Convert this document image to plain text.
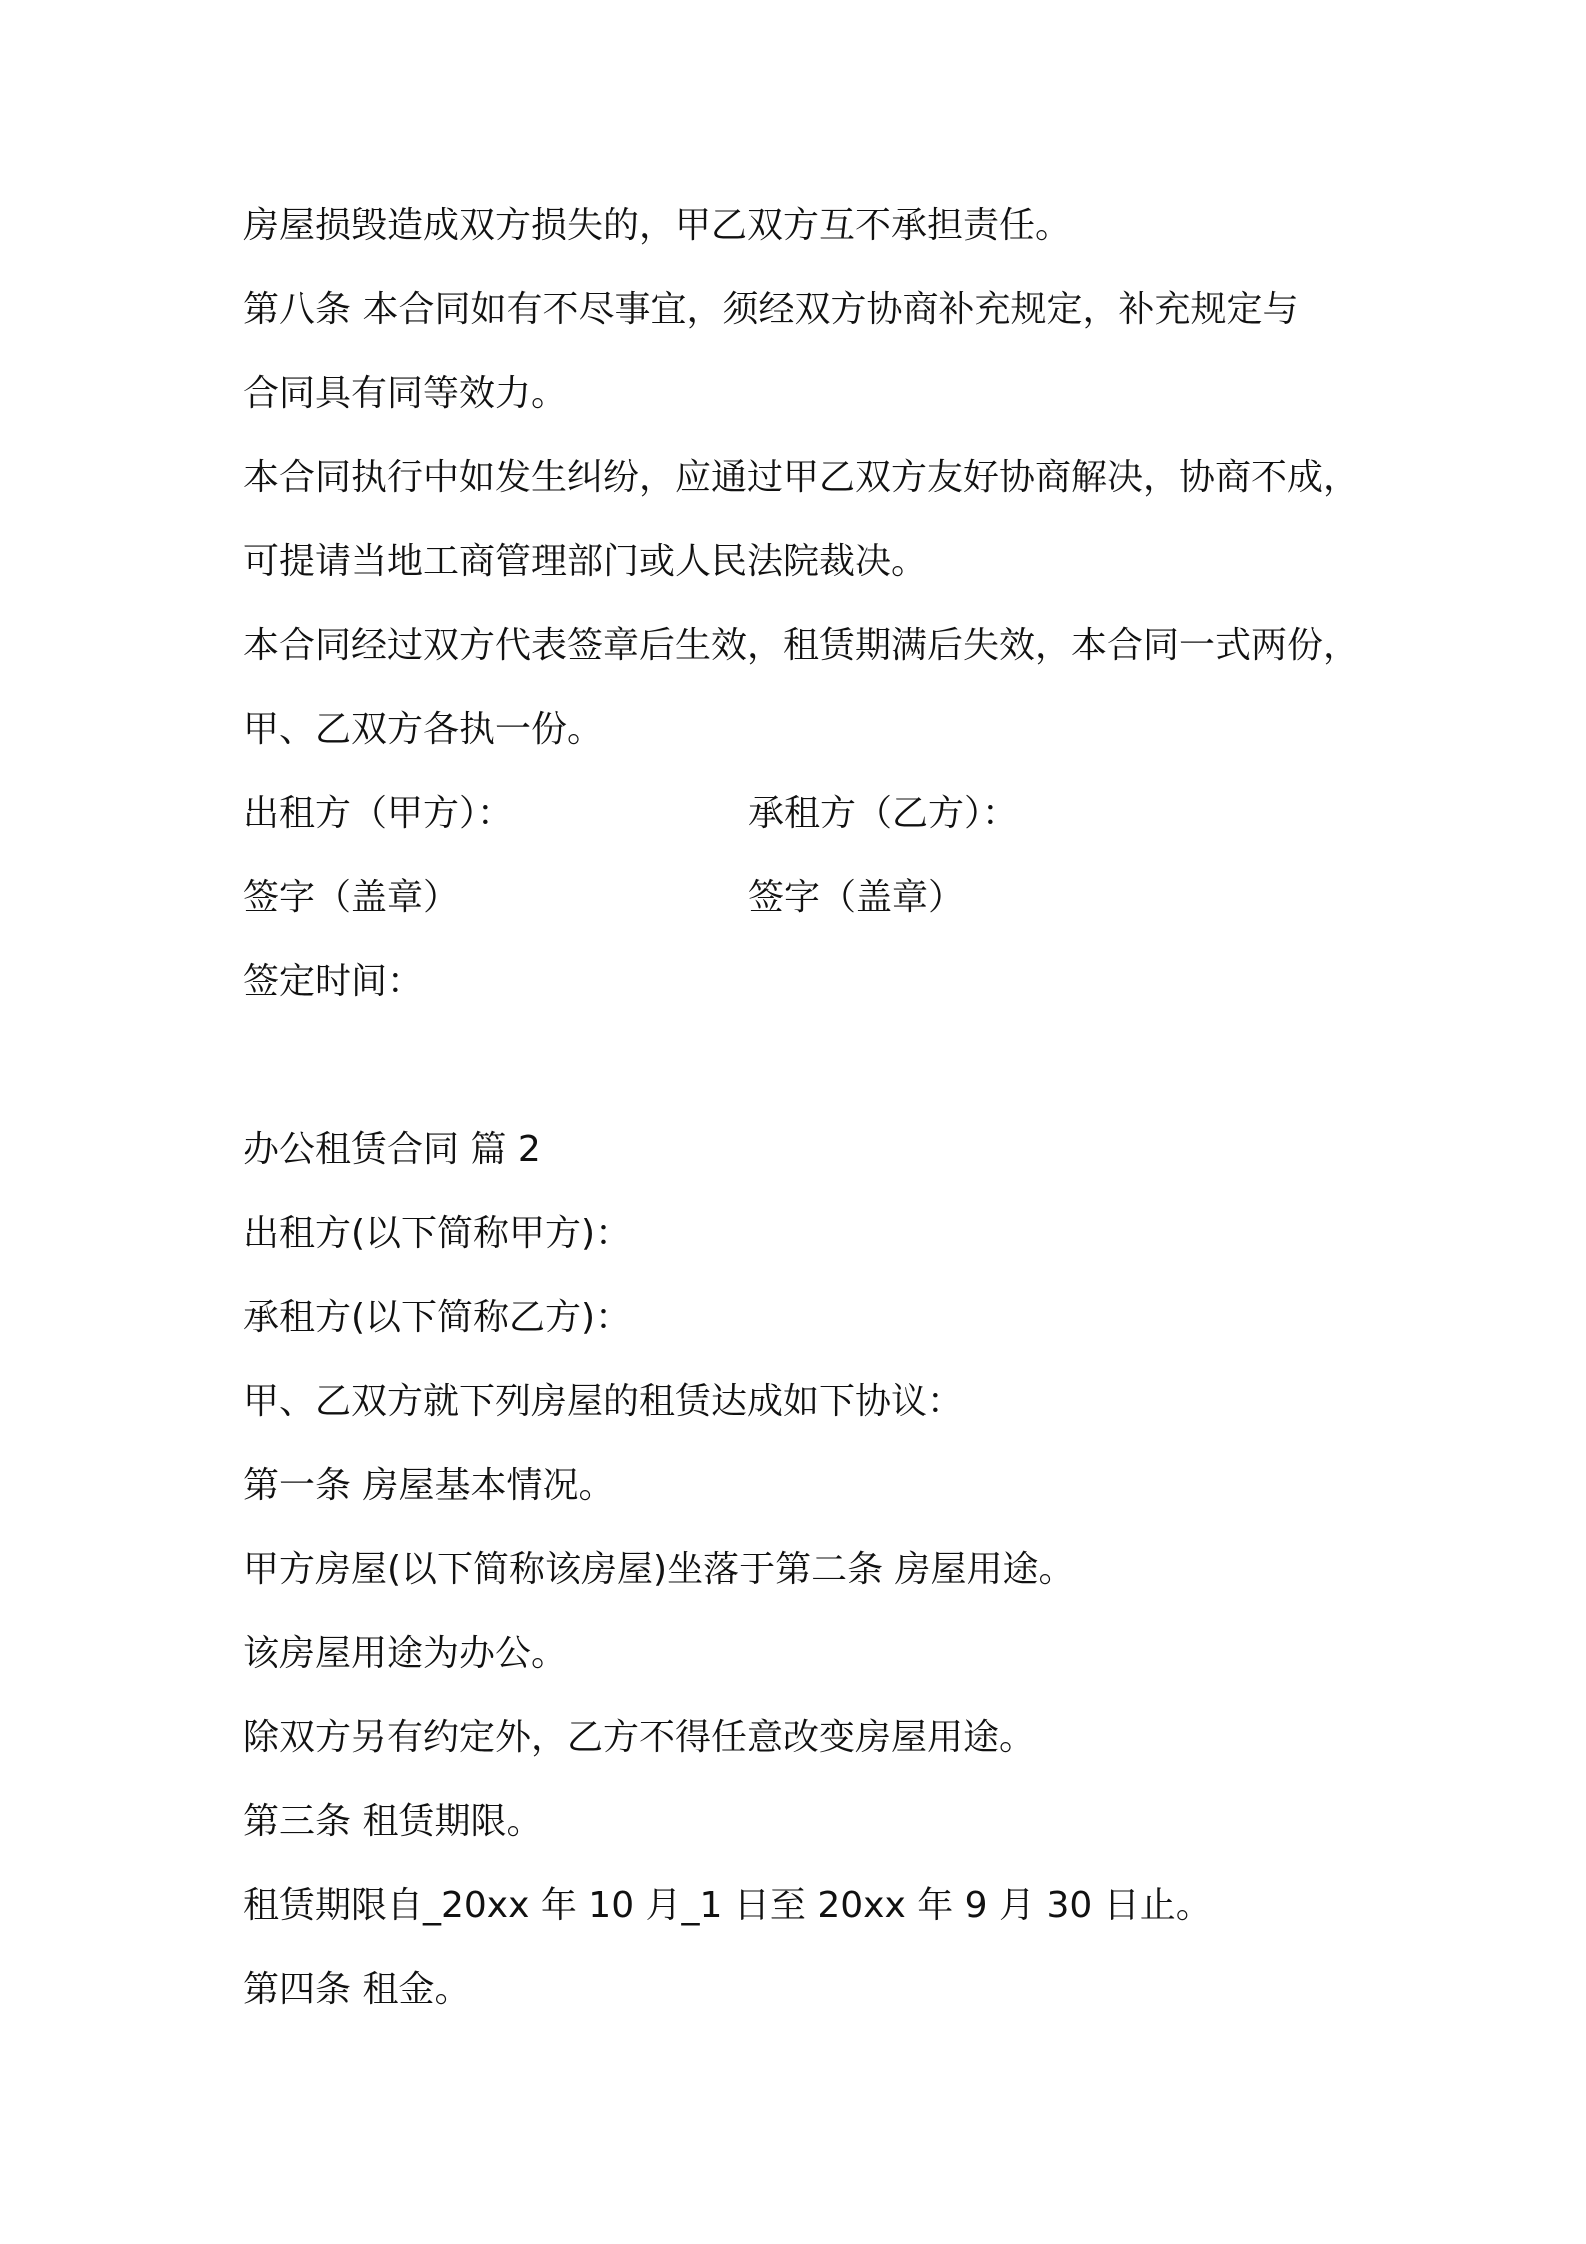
房屋损毁造成双方损失的，甲乙双方互不承担责任。
第八条 本合同如有不尽事宜，须经双方协商补充规定，补充规定与
合同具有同等效力。
本合同执行中如发生纠纷，应通过甲乙双方友好协商解决，协商不成，
可提请当地工商管理部门或人民法院裁决。
本合同经过双方代表签章后生效，租赁期满后失效，本合同一式两份，
甲、乙双方各执一份。
出租方（甲方）：	承租方（乙方）：
签字（盖章）	签字（盖章）
签定时间：
办公租赁合同 篇 2
出租方(以下简称甲方)：
承租方(以下简称乙方)：
甲、乙双方就下列房屋的租赁达成如下协议：
第一条 房屋基本情况。
甲方房屋(以下简称该房屋)坐落于第二条 房屋用途。
该房屋用途为办公。
除双方另有约定外，乙方不得任意改变房屋用途。
第三条 租赁期限。
租赁期限自_20xx 年 10 月_1 日至 20xx 年 9 月 30 日止。
第四条 租金。
